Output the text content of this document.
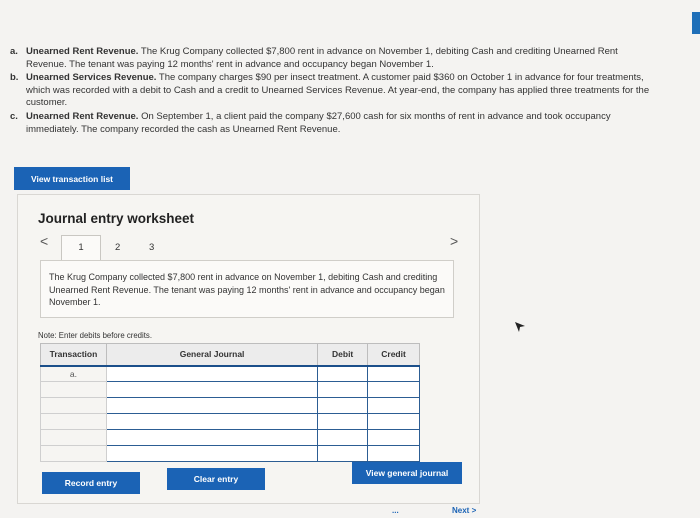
a. Unearned Rent Revenue. The Krug Company collected $7,800 rent in advance on November 1, debiting Cash and crediting Unearned Rent Revenue. The tenant was paying 12 months' rent in advance and occupancy began November 1.
b. Unearned Services Revenue. The company charges $90 per insect treatment. A customer paid $360 on October 1 in advance for four treatments, which was recorded with a debit to Cash and a credit to Unearned Services Revenue. At year-end, the company has applied three treatments for the customer.
c. Unearned Rent Revenue. On September 1, a client paid the company $27,600 cash for six months of rent in advance and took occupancy immediately. The company recorded the cash as Unearned Rent Revenue.
View transaction list
Journal entry worksheet
<	1	2	3	>
The Krug Company collected $7,800 rent in advance on November 1, debiting Cash and crediting Unearned Rent Revenue. The tenant was paying 12 months' rent in advance and occupancy began November 1.
Note: Enter debits before credits.
Transaction	General Journal	Debit	Credit
a.			

Record entry	Clear entry
View general journal
...	Next >
